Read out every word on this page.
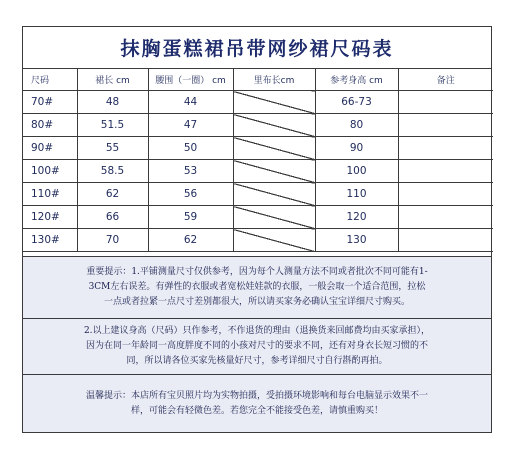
抹胸蛋糕裙吊带网纱裙尺码表
尺码	裙长 cm	腰围（一圈） cm	里布长cm	参考身高 cm	备注
70#	48	44		66-73	
80#	51.5	47		80	
90#	55	50		90	
100#	58.5	53		100	
110#	62	56		110	
120#	66	59		120	
130#	70	62		130	
重要提示：1.平铺测量尺寸仅供参考，因为每个人测量方法不同或者批次不同可能有1-
3CM左右误差。有弹性的衣服或者宽松娃娃款的衣服，一般会取一个适合范围，拉松
一点或者拉紧一点尺寸差别都很大，所以请买家务必确认宝宝详细尺寸购买。
2.以上建议身高（尺码）只作参考，不作退货的理由（退换货来回邮费均由买家承担），
因为在同一年龄同一高度胖度不同的小孩对尺寸的要求不同，还有对身衣长短习惯的不
同，所以请各位买家先核量好尺寸，参考详细尺寸自行斟酌再拍。
温馨提示：本店所有宝贝照片均为实物拍摄，受拍摄环境影响和每台电脑显示效果不一
样，可能会有轻微色差。若您完全不能接受色差，请慎重购买！
